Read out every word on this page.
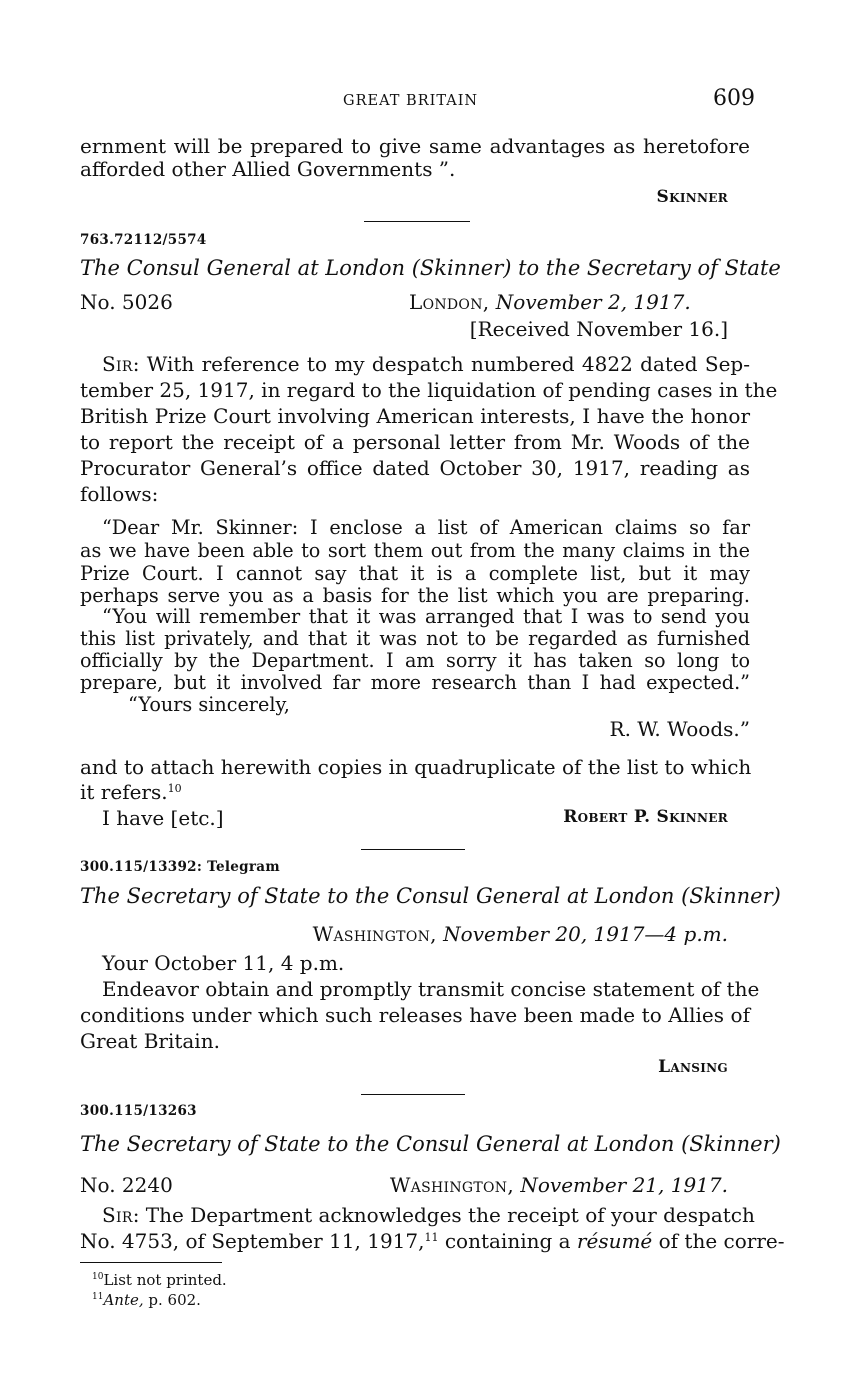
GREAT BRITAIN	609
ernment will be prepared to give same advantages as heretofore
afforded other Allied Governments ”.
Skinner
763.72112/5574
The Consul General at London (Skinner) to the Secretary of State
No. 5026	London, November 2, 1917.
[Received November 16.]
Sir: With reference to my despatch numbered 4822 dated Sep-
tember 25, 1917, in regard to the liquidation of pending cases in the
British Prize Court involving American interests, I have the honor
to report the receipt of a personal letter from Mr. Woods of the
Procurator General’s office dated October 30, 1917, reading as
follows:
“Dear Mr. Skinner: I enclose a list of American claims so far
as we have been able to sort them out from the many claims in the
Prize Court. I cannot say that it is a complete list, but it may
perhaps serve you as a basis for the list which you are preparing.
“You will remember that it was arranged that I was to send you
this list privately, and that it was not to be regarded as furnished
officially by the Department. I am sorry it has taken so long to
prepare, but it involved far more research than I had expected.”
“Yours sincerely,
R. W. Woods.”
and to attach herewith copies in quadruplicate of the list to which
it refers.$^{10}$
I have [etc.]	Robert P. Skinner
300.115/13392: Telegram
The Secretary of State to the Consul General at London (Skinner)
Washington, November 20, 1917—4 p.m.
Your October 11, 4 p.m.
Endeavor obtain and promptly transmit concise statement of the
conditions under which such releases have been made to Allies of
Great Britain.
Lansing
300.115/13263
The Secretary of State to the Consul General at London (Skinner)
No. 2240	Washington, November 21, 1917.
Sir: The Department acknowledges the receipt of your despatch
No. 4753, of September 11, 1917,11 containing a résumé of the corre-
$^{10}$List not printed.
$^{11}$Ante, p. 602.
